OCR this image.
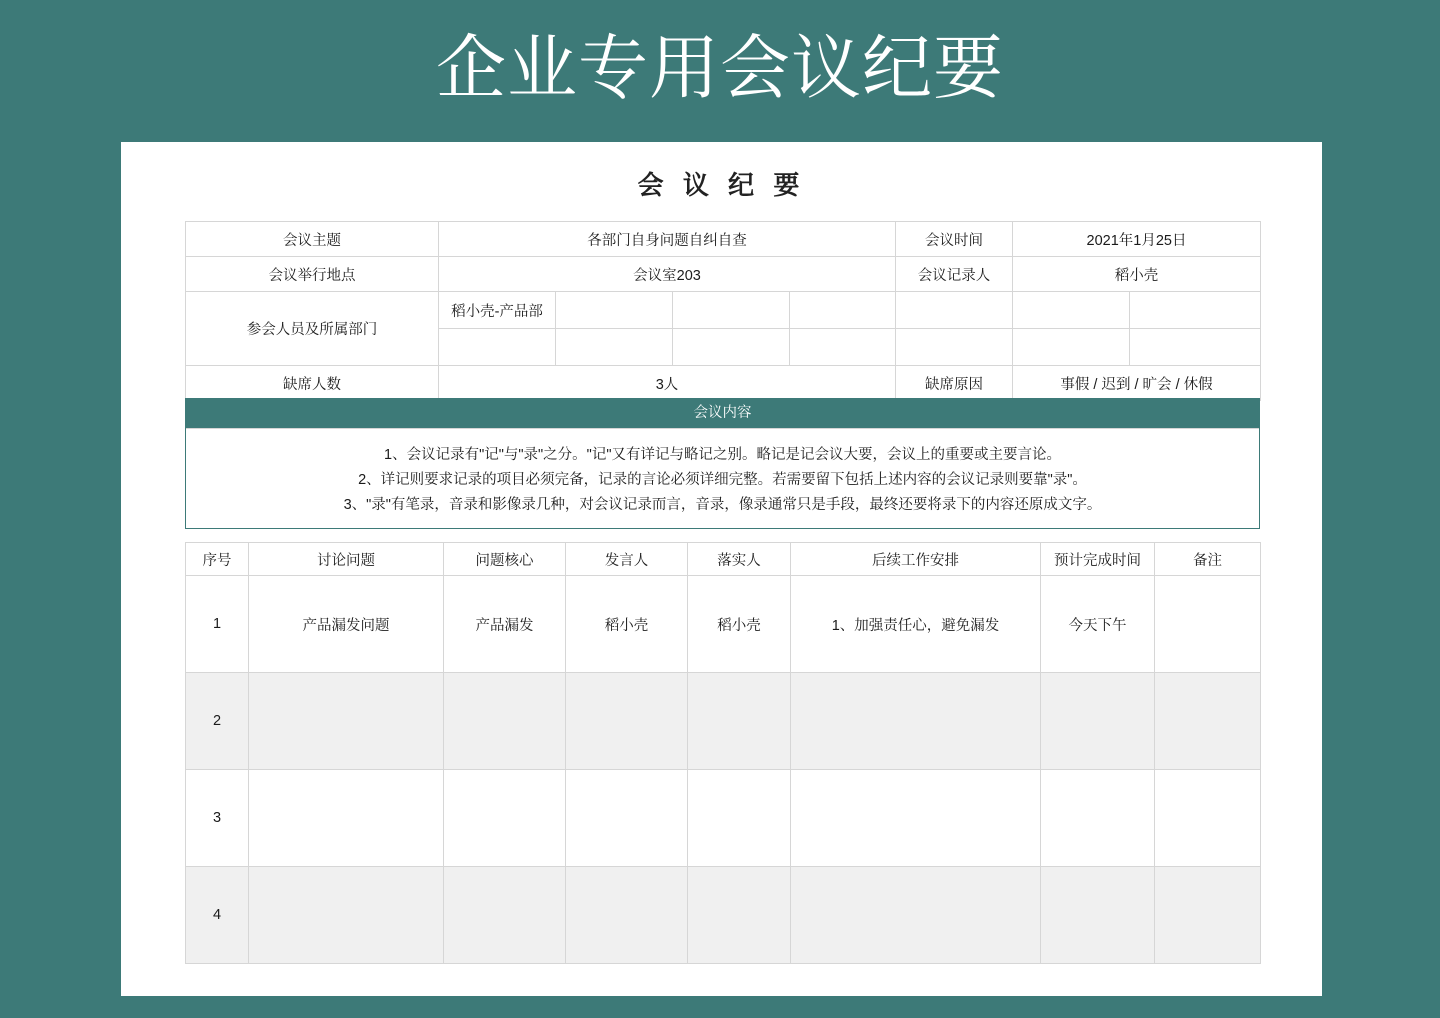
企业专用会议纪要
会 议 纪 要
会议主题	各部门自身问题自纠自查				会议时间	2021年1月25日	
会议举行地点	会议室203				会议记录人	稻小壳	
参会人员及所属部门	稻小壳-产品部						

缺席人数	3人				缺席原因	事假 / 迟到 / 旷会 / 休假	
会议内容

1、会议记录有"记"与"录"之分。"记"又有详记与略记之别。略记是记会议大要，会议上的重要或主要言论。

2、详记则要求记录的项目必须完备，记录的言论必须详细完整。若需要留下包括上述内容的会议记录则要靠"录"。

3、"录"有笔录，音录和影像录几种，对会议记录而言，音录，像录通常只是手段，最终还要将录下的内容还原成文字。

序号	讨论问题	问题核心	发言人	落实人	后续工作安排	预计完成时间	备注
1	产品漏发问题	产品漏发	稻小壳	稻小壳	1、加强责任心，避免漏发	今天下午	
2							
3							
4							
